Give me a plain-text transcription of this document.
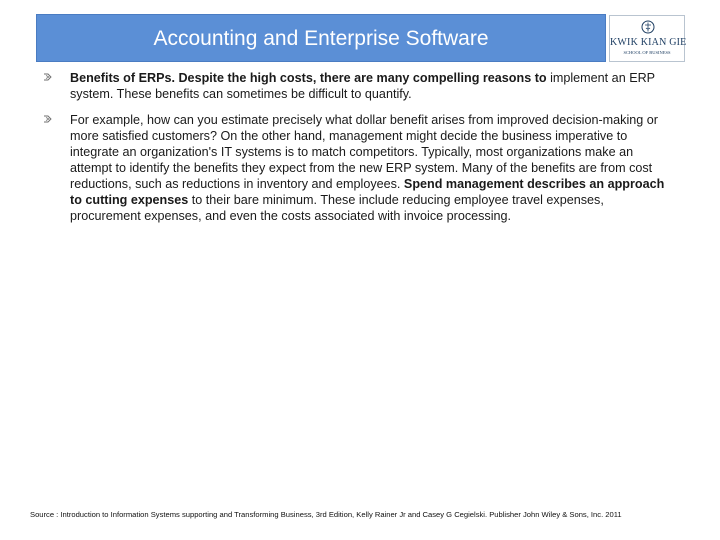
Accounting and Enterprise Software	KWIK KIAN GIE
SCHOOL OF BUSINESS
Benefits of ERPs. Despite the high costs, there are many compelling reasons to implement an ERP system. These benefits can sometimes be difficult to quantify.
For example, how can you estimate precisely what dollar benefit arises from improved decision-making or more satisfied customers? On the other hand, management might decide the business imperative to integrate an organization's IT systems is to match competitors. Typically, most organizations make an attempt to identify the benefits they expect from the new ERP system. Many of the benefits are from cost reductions, such as reductions in inventory and employees. Spend management describes an approach to cutting expenses to their bare minimum. These include reducing employee travel expenses, procurement expenses, and even the costs associated with invoice processing.
Source : Introduction to Information Systems supporting and Transforming Business, 3rd Edition, Kelly Rainer Jr and Casey G Cegielski. Publisher John Wiley & Sons, Inc. 2011
